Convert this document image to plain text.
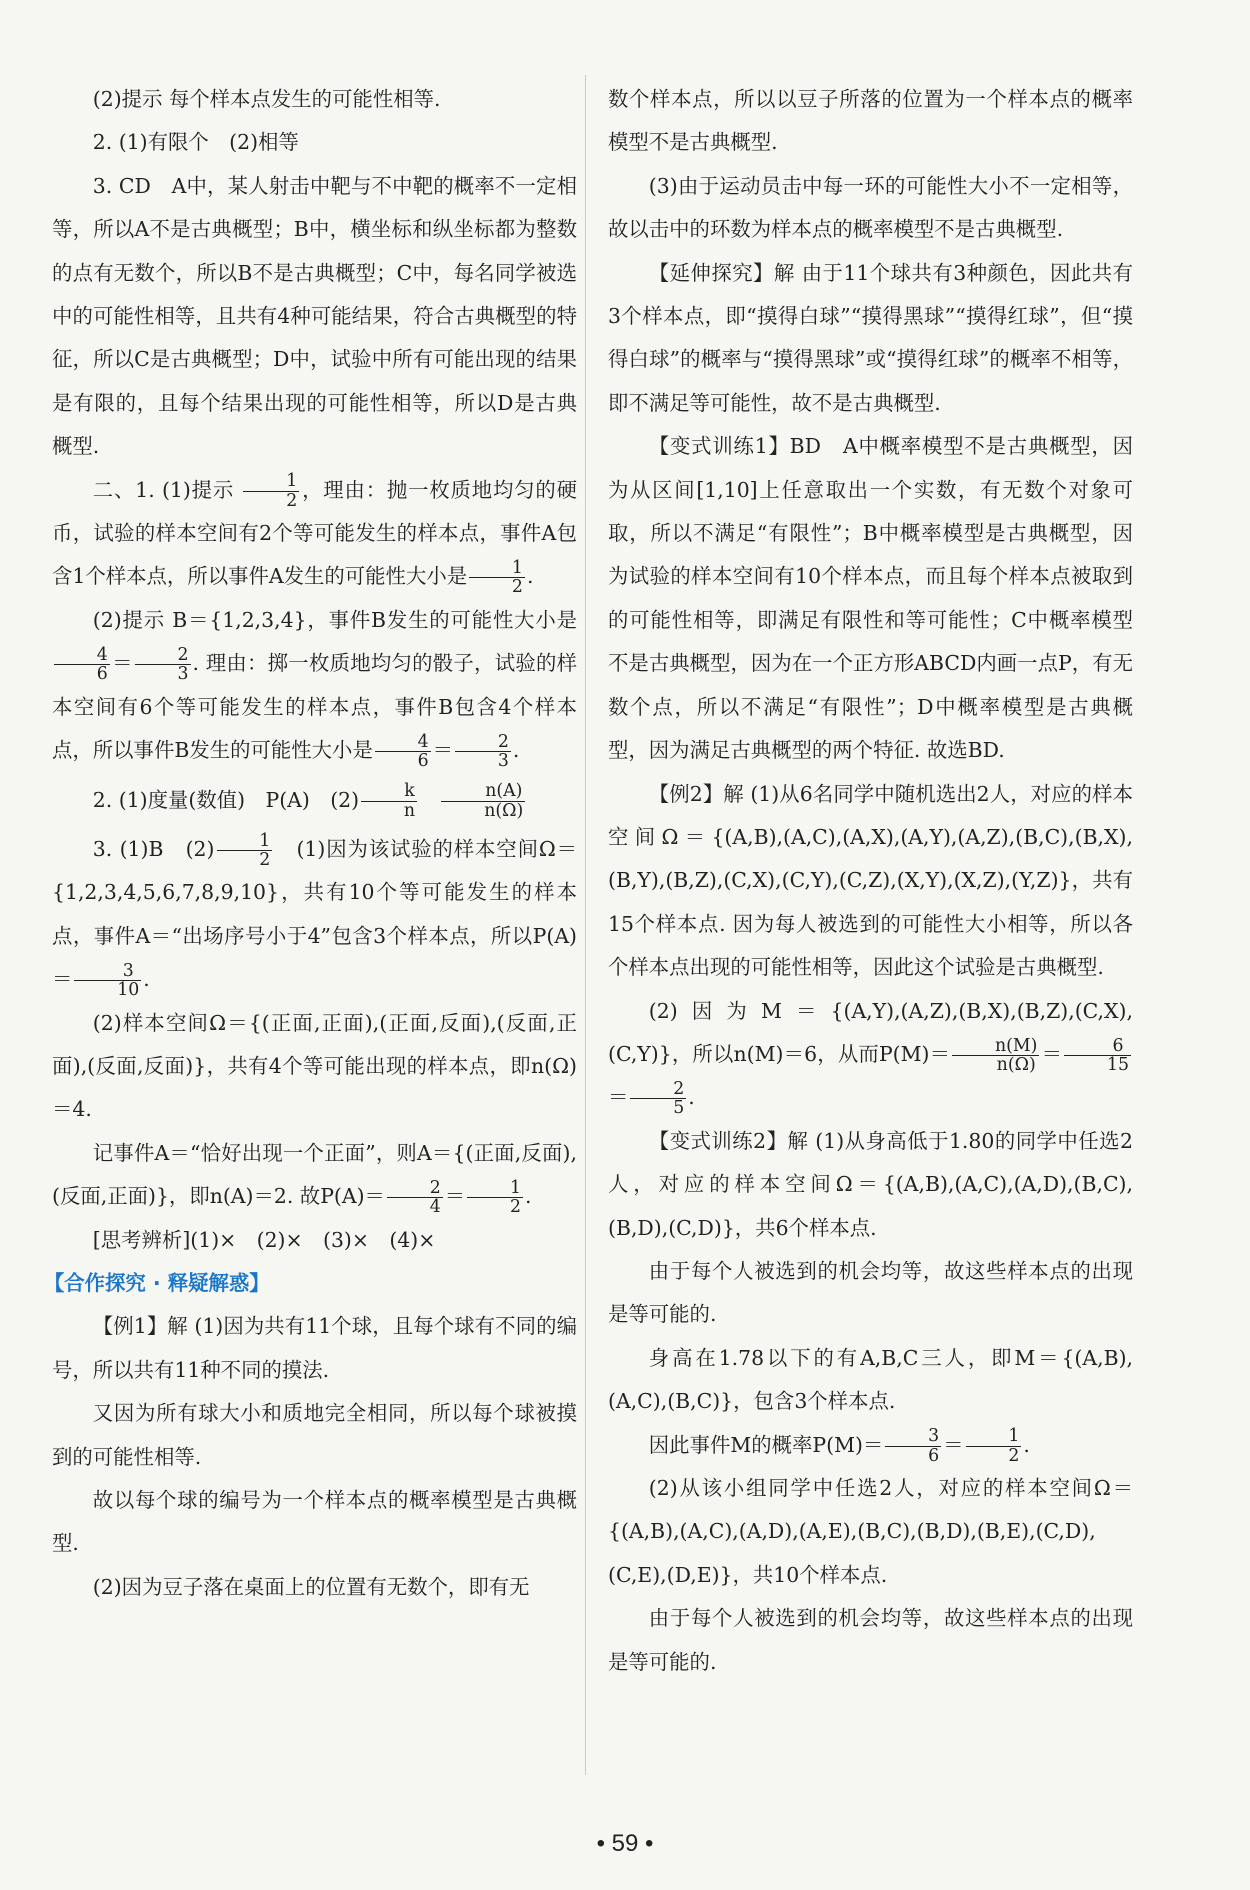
(2)提示 每个样本点发生的可能性相等.

2. (1)有限个　(2)相等

3. CD　A中，某人射击中靶与不中靶的概率不一定相等，所以A不是古典概型；B中，横坐标和纵坐标都为整数的点有无数个，所以B不是古典概型；C中，每名同学被选中的可能性相等，且共有4种可能结果，符合古典概型的特征，所以C是古典概型；D中，试验中所有可能出现的结果是有限的，且每个结果出现的可能性相等，所以D是古典概型.

二、1. (1)提示 $\frac{1}{2}$ ，理由：抛一枚质地均匀的硬币，试验的样本空间有2个等可能发生的样本点，事件A包含1个样本点，所以事件A发生的可能性大小是 $\frac{1}{2}$ .

(2)提示 B＝{1,2,3,4}，事件B发生的可能性大小是
$\frac{4}{6} = \frac{2}{3}$ . 理由：掷一枚质地均匀的骰子，试验的样本空间有6个等可能发生的样本点，事件B包含4个样本点，所以事件B发生的可能性大小是 $\frac{4}{6} = \frac{2}{3}$ .

2. (1)度量(数值)　P(A)　$(2) \frac{k}{n}$
　 $\frac{n(A)}{n(\Omega)}$

3. (1)B　$(2) \frac{1}{2}$ 　(1)因为该试验的样本空间Ω＝{1,2,3,4,5,6,7,8,9,10}，共有10个等可能发生的样本点，事件A＝“出场序号小于4”包含3个样本点，所以$P(A)= \frac{3}{10}$ .

(2)样本空间Ω＝{(正面,正面),(正面,反面),(反面,正面),(反面,反面)}，共有4个等可能出现的样本点，即n(Ω)＝4.

记事件A＝“恰好出现一个正面”，则A＝{(正面,反面),(反面,正面)}，即n(A)＝2. 故$P(A)= \frac{2}{4} = \frac{1}{2}$ .

[思考辨析](1)×　(2)×　(3)×　(4)×

【合作探究 · 释疑解惑】

【例1】解 (1)因为共有11个球，且每个球有不同的编号，所以共有11种不同的摸法.

又因为所有球大小和质地完全相同，所以每个球被摸到的可能性相等.

故以每个球的编号为一个样本点的概率模型是古典概型.

(2)因为豆子落在桌面上的位置有无数个，即有无

数个样本点，所以以豆子所落的位置为一个样本点的概率模型不是古典概型.

(3)由于运动员击中每一环的可能性大小不一定相等，故以击中的环数为样本点的概率模型不是古典概型.

【延伸探究】解 由于11个球共有3种颜色，因此共有3个样本点，即“摸得白球”“摸得黑球”“摸得红球”，但“摸得白球”的概率与“摸得黑球”或“摸得红球”的概率不相等，即不满足等可能性，故不是古典概型.

【变式训练1】BD　A中概率模型不是古典概型，因为从区间[1,10]上任意取出一个实数，有无数个对象可取，所以不满足“有限性”；B中概率模型是古典概型，因为试验的样本空间有10个样本点，而且每个样本点被取到的可能性相等，即满足有限性和等可能性；C中概率模型不是古典概型，因为在一个正方形ABCD内画一点P，有无数个点，所以不满足“有限性”；D中概率模型是古典概型，因为满足古典概型的两个特征. 故选BD.

【例2】解 (1)从6名同学中随机选出2人，对应的样本空间Ω＝{(A,B),(A,C),(A,X),(A,Y),(A,Z),(B,C),(B,X),(B,Y),(B,Z),(C,X),(C,Y),(C,Z),(X,Y),(X,Z),(Y,Z)}，共有15个样本点. 因为每人被选到的可能性大小相等，所以各个样本点出现的可能性相等，因此这个试验是古典概型.

(2)因为M＝{(A,Y),(A,Z),(B,X),(B,Z),(C,X),(C,Y)}，所以n(M)＝6，从而$P(M)= \frac{n(M)}{n(\Omega)} = \frac{6}{15}$
＝ $\frac{2}{5}$ .

【变式训练2】解 (1)从身高低于1.80的同学中任选2人，对应的样本空间Ω＝{(A,B),(A,C),(A,D),(B,C),(B,D),(C,D)}，共6个样本点.

由于每个人被选到的机会均等，故这些样本点的出现是等可能的.

身高在1.78以下的有A,B,C三人，即M＝{(A,B),(A,C),(B,C)}，包含3个样本点.

因此事件M的概率$P(M)= \frac{3}{6} = \frac{1}{2}$ .

(2)从该小组同学中任选2人，对应的样本空间Ω＝{(A,B),(A,C),(A,D),(A,E),(B,C),(B,D),(B,E),(C,D),(C,E),(D,E)}，共10个样本点.

由于每个人被选到的机会均等，故这些样本点的出现是等可能的.

• 59 •
